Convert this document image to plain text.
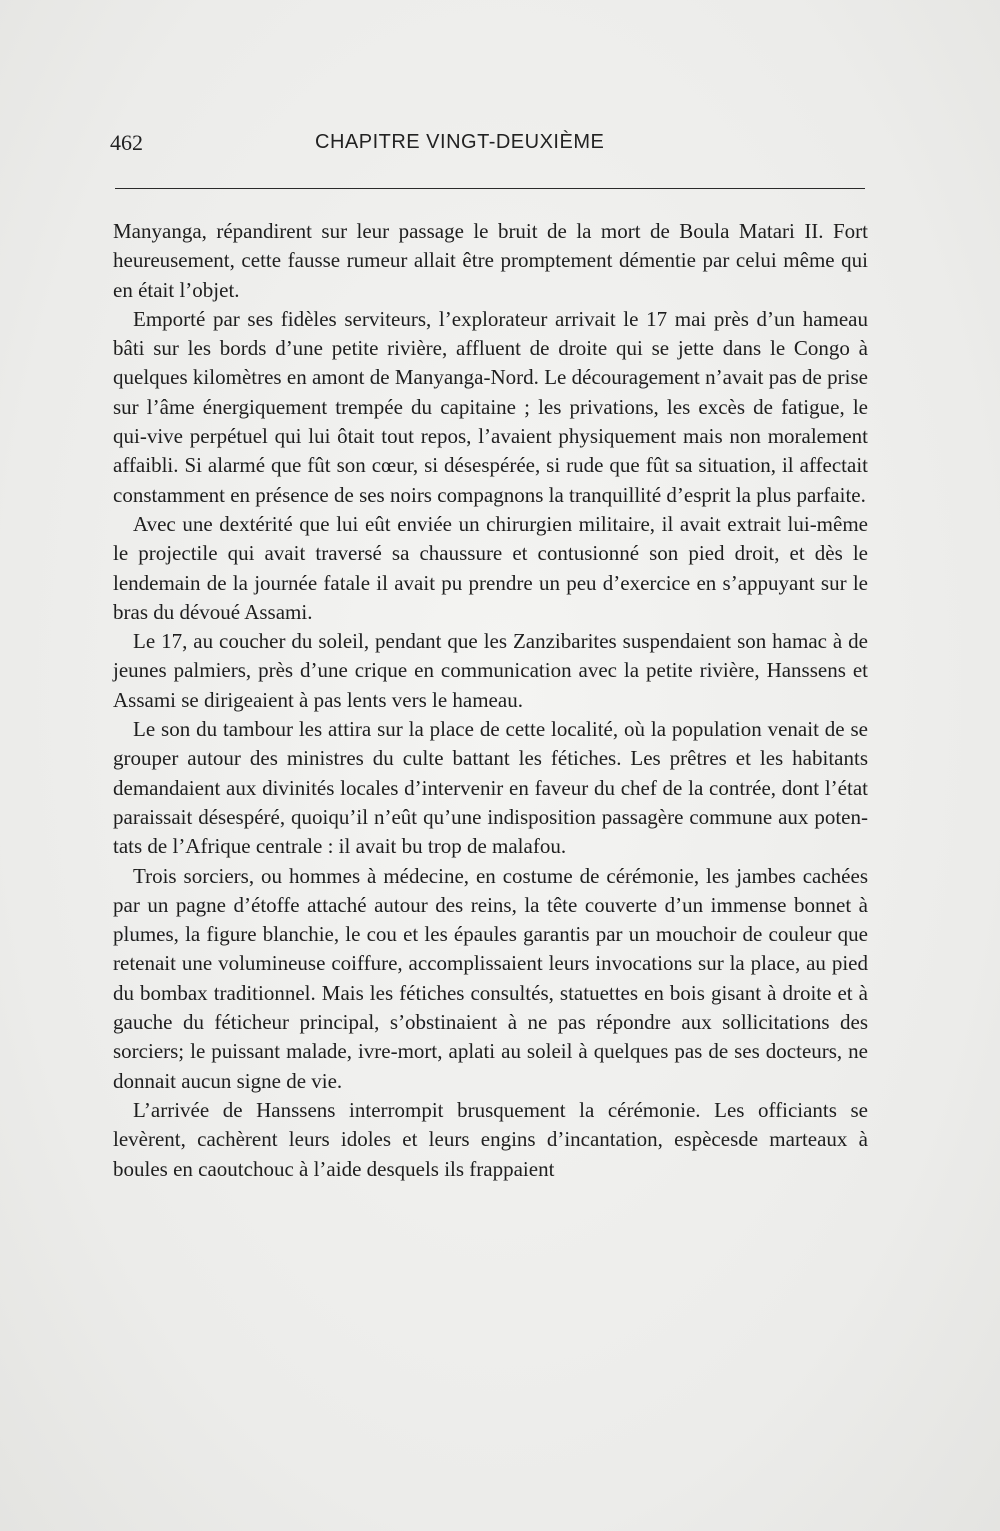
462	CHAPITRE VINGT-DEUXIÈME

Manyanga, répandirent sur leur passage le bruit de la mort de Boula Matari II. Fort heureusement, cette fausse rumeur allait être promptement démentie par celui même qui en était l’objet.

Emporté par ses fidèles serviteurs, l’explorateur arrivait le 17 mai près d’un hameau bâti sur les bords d’une petite rivière, affluent de droite qui se jette dans le Congo à quelques kilomètres en amont de Manyanga-Nord. Le découragement n’avait pas de prise sur l’âme énergiquement trempée du capitaine ; les privations, les excès de fatigue, le qui-vive perpétuel qui lui ôtait tout repos, l’avaient physiquement mais non moralement affaibli. Si alarmé que fût son cœur, si désespérée, si rude que fût sa situation, il affectait constamment en présence de ses noirs compagnons la tranquillité d’esprit la plus parfaite.

Avec une dextérité que lui eût enviée un chirurgien militaire, il avait extrait lui-même le projectile qui avait traversé sa chaussure et contusionné son pied droit, et dès le lendemain de la journée fatale il avait pu prendre un peu d’exercice en s’appuyant sur le bras du dévoué Assami.

Le 17, au coucher du soleil, pendant que les Zanzibarites suspendaient son hamac à de jeunes palmiers, près d’une crique en communication avec la petite rivière, Hanssens et Assami se dirigeaient à pas lents vers le hameau.

Le son du tambour les attira sur la place de cette localité, où la population venait de se grouper autour des ministres du culte battant les fétiches. Les prêtres et les habitants demandaient aux divinités locales d’intervenir en faveur du chef de la contrée, dont l’état paraissait désespéré, quoiqu’il n’eût qu’une indisposition passagère commune aux potentats de l’Afrique centrale : il avait bu trop de malafou.

Trois sorciers, ou hommes à médecine, en costume de cérémonie, les jambes cachées par un pagne d’étoffe attaché autour des reins, la tête couverte d’un immense bonnet à plumes, la figure blanchie, le cou et les épaules garantis par un mouchoir de couleur que retenait une volumineuse coiffure, accomplissaient leurs invocations sur la place, au pied du bombax traditionnel. Mais les fétiches consultés, statuettes en bois gisant à droite et à gauche du féticheur principal, s’obstinaient à ne pas répondre aux sollicitations des sorciers; le puissant malade, ivre-mort, aplati au soleil à quelques pas de ses docteurs, ne donnait aucun signe de vie.

L’arrivée de Hanssens interrompit brusquement la cérémonie. Les officiants se levèrent, cachèrent leurs idoles et leurs engins d’incantation, espècesde marteaux à boules en caoutchouc à l’aide desquels ils frappaient
